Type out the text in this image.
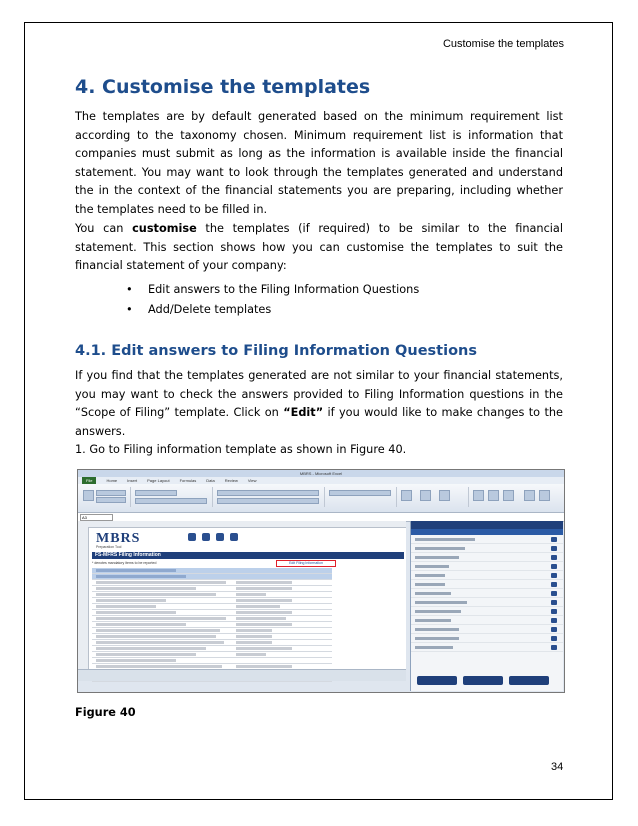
Customise the templates
4. Customise the templates
The templates are by default generated based on the minimum requirement list according to the taxonomy chosen. Minimum requirement list is information that companies must submit as long as the information is available inside the financial statement. You may want to look through the templates generated and understand the in the context of the financial statements you are preparing, including whether the templates need to be filled in.
You can customise the templates (if required) to be similar to the financial statement. This section shows how you can customise the templates to suit the financial statement of your company:
• Edit answers to the Filing Information Questions
• Add/Delete templates
4.1. Edit answers to Filing Information Questions
If you find that the templates generated are not similar to your financial statements, you may want to check the answers provided to Filing Information questions in the “Scope of Filing” template. Click on “Edit” if you would like to make changes to the answers.
1. Go to Filing information template as shown in Figure 40.
MBRS - Microsoft Excel
File	Home	Insert	Page Layout	Formulas	Data	Review	View
A3
MBRS
Preparation Tool
FS-MFRS Filing Information
* denotes mandatory items to be reported	Edit Filing Information
Figure 40
34
